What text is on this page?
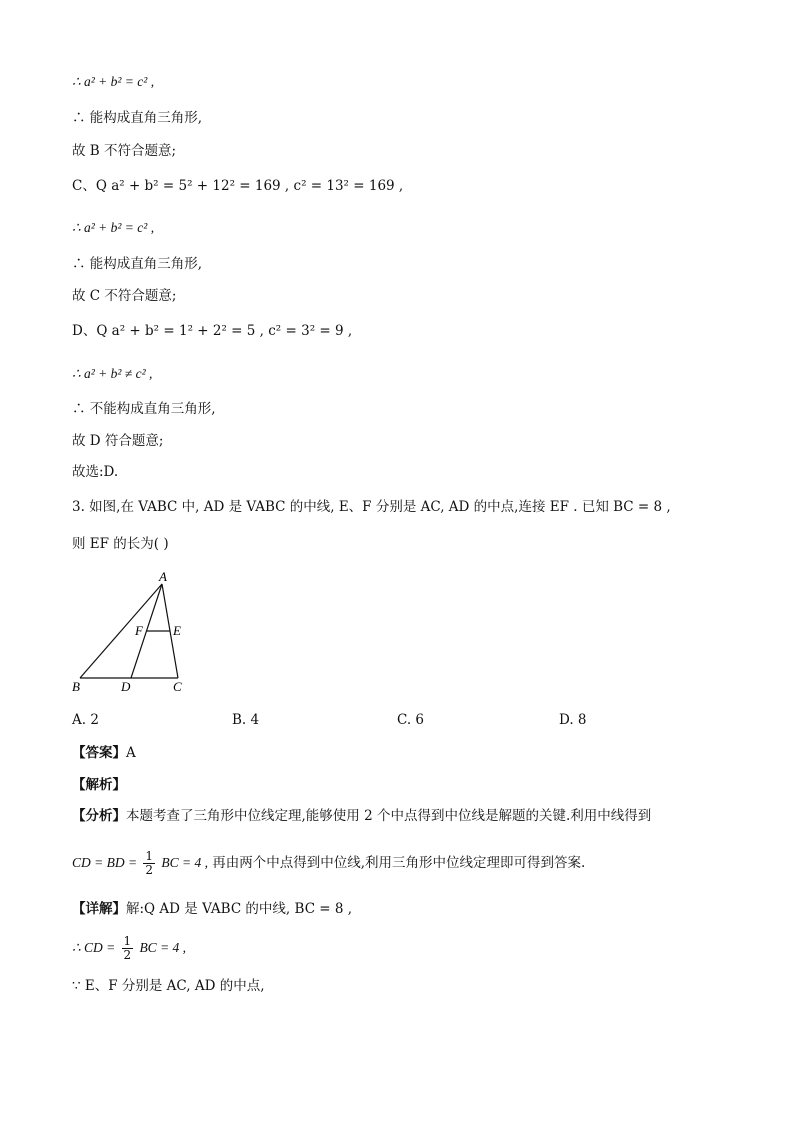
∴ a² + b² = c² ,
∴ 能构成直角三角形,
故 B 不符合题意;
C、Q a² + b² = 5² + 12² = 169 , c² = 13² = 169 ,
∴ a² + b² = c² ,
∴ 能构成直角三角形,
故 C 不符合题意;
D、Q a² + b² = 1² + 2² = 5 , c² = 3² = 9 ,
∴ a² + b² ≠ c² ,
∴ 不能构成直角三角形,
故 D 符合题意;
故选:D.
3. 如图,在 VABC 中, AD 是 VABC 的中线, E、F 分别是 AC, AD 的中点,连接 EF . 已知 BC = 8 ,
则 EF 的长为( )
A
B	D	C
F E
A. 2	B. 4	C. 6	D. 8
【答案】A
【解析】
【分析】本题考查了三角形中位线定理,能够使用 2 个中点得到中位线是解题的关键.利用中线得到
CD = BD = $\frac{1}{2}$ BC = 4 , 再由两个中点得到中位线,利用三角形中位线定理即可得到答案.
【详解】解:Q AD 是 VABC 的中线, BC = 8 ,
∴ CD = $\frac{1}{2}$ BC = 4 ,
∵ E、F 分别是 AC, AD 的中点,
